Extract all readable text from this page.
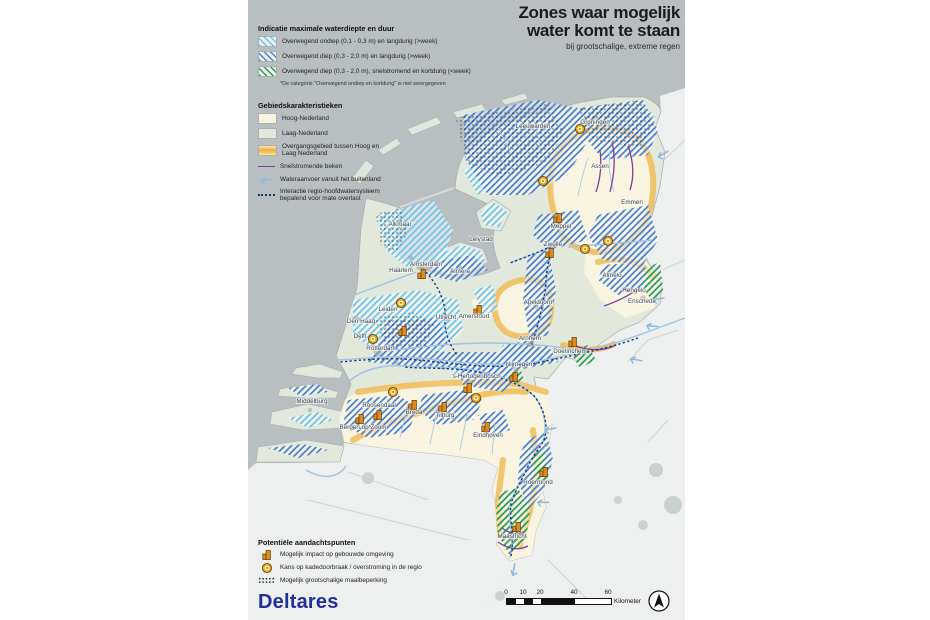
Leeuwarden
Groningen
Assen
Emmen
Alkmaar	Meppel
Zwolle
Lelystad
Almelo
Hengelo
Enschede
Apeldoorn
Amersfoort
Amsterdam
Haarlem	Almere
Utrecht
Leiden
Den Haag
Delft
Rotterdam
Arnhem
Nijmegen
Doetinchem
's-Hertogenbosch
Breda Tilburg
Roosendaal
Bergen op Zoom
Eindhoven
Middelburg
Roermond
Maastricht
Zones waar mogelijk
water komt te staan
bij grootschalige, extreme regen
Indicatie maximale waterdiepte en duur
Overwegend ondiep (0,1 - 0,3 m) en langdurig (>week)
Overwegend diep (0,3 - 2,0 m) en langdurig (>week)
Overwegend diep (0,3 - 2,0 m), snelstromend en kortdurig (<week)
*De categorie "Overwegend ondiep en kortdurig" is niet weergegeven
Gebiedskarakteristieken
Hoog-Nederland
Laag-Nederland
Overgangsgebied tussen Hoog en Laag Nederland
Snelstromende beken
Wateraanvoer vanuit het buitenland
Interactie regio-hoofdwatersysteem bepalend voor mate overlast
Potentiële aandachtspunten
Mogelijk impact op gebouwde omgeving
Kans op kadedoorbraak / overstroming in de regio
Mogelijk grootschalige maalbeperking
Deltares	0 10 20	40	60
Kilometer
